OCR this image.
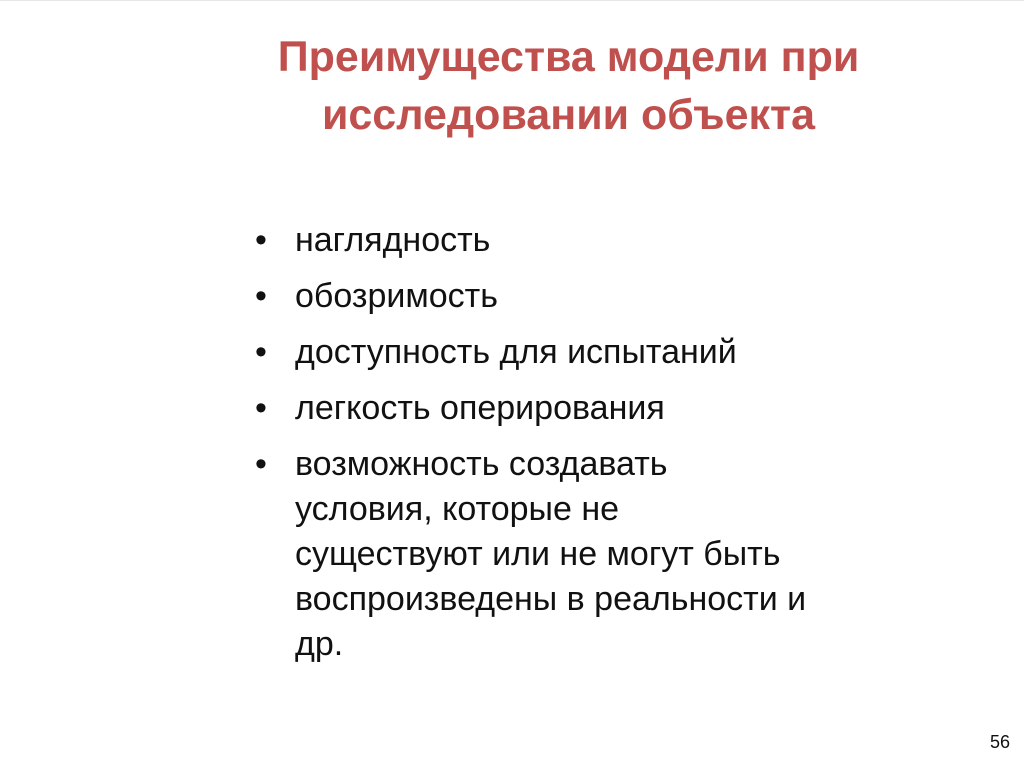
Преимущества модели при
исследовании объекта
• наглядность
• обозримость
• доступность для испытаний
• легкость оперирования
• возможность создавать условия, которые не существуют или не могут быть воспроизведены в реальности и др.
56
